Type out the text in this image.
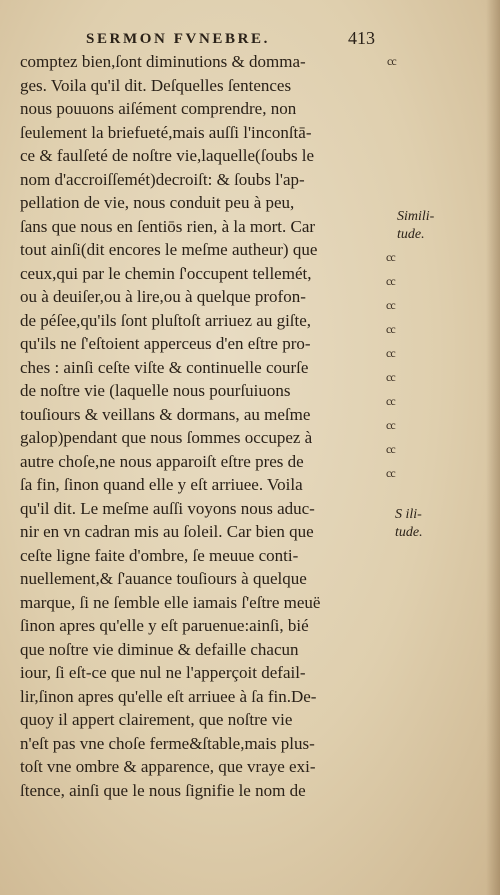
SERMON FVNEBRE.	413
comptez bien,ſont diminutions & domma-
ges. Voila qu'il dit. Deſquelles ſentences
nous pouuons aiſément comprendre, non
ſeulement la briefueté,mais auſſi l'inconſtā-
ce & faulſeté de noſtre vie,laquelle(ſoubs le
nom d'accroiſſemét)decroiſt: & ſoubs l'ap-
pellation de vie, nous conduit peu à peu,
ſans que nous en ſentiōs rien, à la mort. Car
tout ainſi(dit encores le meſme autheur) que
ceux,qui par le chemin ſ'occupent tellemét,
ou à deuiſer,ou à lire,ou à quelque profon-
de péſee,qu'ils ſont pluſtoſt arriuez au giſte,
qu'ils ne ſ'eſtoient apperceus d'en eſtre pro-
ches : ainſi ceſte viſte & continuelle courſe
de noſtre vie (laquelle nous pourſuiuons
touſiours & veillans & dormans, au meſme
galop)pendant que nous ſommes occupez à
autre choſe,ne nous apparoiſt eſtre pres de
ſa fin, ſinon quand elle y eſt arriuee. Voila
qu'il dit. Le meſme auſſi voyons nous aduc-
nir en vn cadran mis au ſoleil. Car bien que
ceſte ligne faite d'ombre, ſe meuue conti-
nuellement,& ſ'auance touſiours à quelque
marque, ſi ne ſemble elle iamais ſ'eſtre meuë
ſinon apres qu'elle y eſt paruenue:ainſi, bié
que noſtre vie diminue & defaille chacun
iour, ſi eſt-ce que nul ne l'apperçoit defail-
lir,ſinon apres qu'elle eſt arriuee à ſa fin.De-
quoy il appert clairement, que noſtre vie
n'eſt pas vne choſe ferme&ſtable,mais plus-
toſt vne ombre & apparence, que vraye exi-
ſtence, ainſi que le nous ſignifie le nom de
Simili-
tude.
S ili-
tude.
cc
cc
cc
cc
cc
cc
cc
cc
cc
cc
cc
